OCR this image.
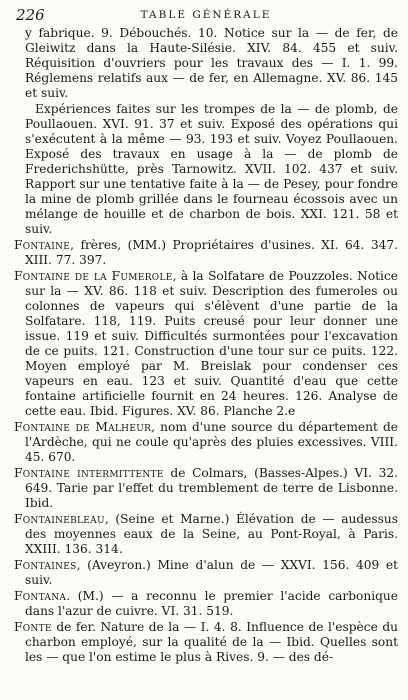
226	TABLE GÉNÉRALE

y fabrique. 9. Débouchés. 10. Notice sur la — de fer, de Gleiwitz dans la Haute-Silésie. XIV. 84. 455 et suiv. Réquisition d'ouvriers pour les travaux des — I. 1. 99. Réglemens relatifs aux — de fer, en Allemagne. XV. 86. 145 et suiv.

Expériences faites sur les trompes de la — de plomb, de Poullaouen. XVI. 91. 37 et suiv. Exposé des opérations qui s'exécutent à la même — 93. 193 et suiv. Voyez Poullaouen. Exposé des travaux en usage à la — de plomb de Frederichshütte, près Tarnowitz. XVII. 102. 437 et suiv. Rapport sur une tentative faite à la — de Pesey, pour fondre la mine de plomb grillée dans le fourneau écossois avec un mélange de houille et de charbon de bois. XXI. 121. 58 et suiv.

Fontaine, frères, (MM.) Propriétaires d'usines. XI. 64. 347. XIII. 77. 397.

Fontaine de la Fumerole, à la Solfatare de Pouzzoles. Notice sur la — XV. 86. 118 et suiv. Description des fumeroles ou colonnes de vapeurs qui s'élèvent d'une partie de la Solfatare. 118, 119. Puits creusé pour leur donner une issue. 119 et suiv. Difficultés surmontées pour l'excavation de ce puits. 121. Construction d'une tour sur ce puits. 122. Moyen employé par M. Breislak pour condenser ces vapeurs en eau. 123 et suiv. Quantité d'eau que cette fontaine artificielle fournit en 24 heures. 126. Analyse de cette eau. Ibid. Figures. XV. 86. Planche 2.e

Fontaine de Malheur, nom d'une source du département de l'Ardèche, qui ne coule qu'après des pluies excessives. VIII. 45. 670.

Fontaine intermittente de Colmars, (Basses-Alpes.) VI. 32. 649. Tarie par l'effet du tremblement de terre de Lisbonne. Ibid.

Fontainebleau, (Seine et Marne.) Élévation de — audessus des moyennes eaux de la Seine, au Pont-Royal, à Paris. XXIII. 136. 314.

Fontaines, (Aveyron.) Mine d'alun de — XXVI. 156. 409 et suiv.

Fontana. (M.) — a reconnu le premier l'acide carbonique dans l'azur de cuivre. VI. 31. 519.

Fonte de fer. Nature de la — I. 4. 8. Influence de l'espèce du charbon employé, sur la qualité de la — Ibid. Quelles sont les — que l'on estime le plus à Rives. 9. — des dé-
